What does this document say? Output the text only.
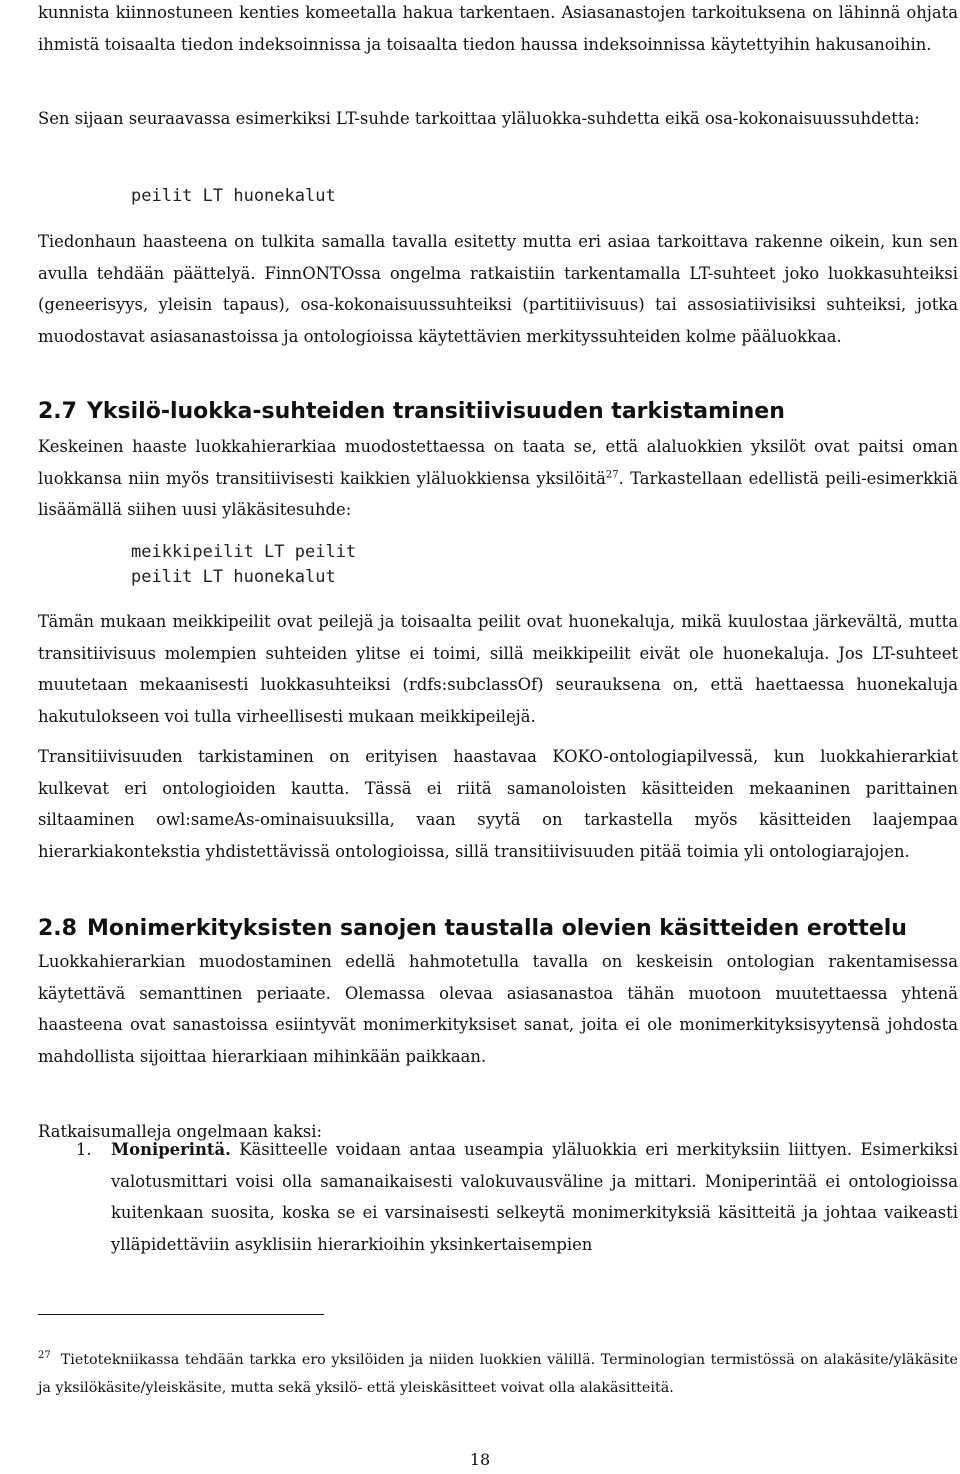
kunnista kiinnostuneen kenties komeetalla hakua tarkentaen. Asiasanastojen tarkoituksena on lähinnä ohjata ihmistä toisaalta tiedon indeksoinnissa ja toisaalta tiedon haussa indeksoinnissa käytettyihin hakusanoihin.

Sen sijaan seuraavassa esimerkiksi LT-suhde tarkoittaa yläluokka-suhdetta eikä osa-kokonaisuussuhdetta:

peilit LT huonekalut

Tiedonhaun haasteena on tulkita samalla tavalla esitetty mutta eri asiaa tarkoittava rakenne oikein, kun sen avulla tehdään päättelyä. FinnONTOssa ongelma ratkaistiin tarkentamalla LT-suhteet joko luokkasuhteiksi (geneerisyys, yleisin tapaus), osa-kokonaisuussuhteiksi (partitiivisuus) tai assosiatiivisiksi suhteiksi, jotka muodostavat asiasanastoissa ja ontologioissa käytettävien merkityssuhteiden kolme pääluokkaa.

2.7 Yksilö-luokka-suhteiden transitiivisuuden tarkistaminen

Keskeinen haaste luokkahierarkiaa muodostettaessa on taata se, että alaluokkien yksilöt ovat paitsi oman luokkansa niin myös transitiivisesti kaikkien yläluokkiensa yksilöitä$^{27}$. Tarkastellaan edellistä peili-esimerkkiä lisäämällä siihen uusi yläkäsitesuhde:

meikkipeilit LT peilit
peilit LT huonekalut

Tämän mukaan meikkipeilit ovat peilejä ja toisaalta peilit ovat huonekaluja, mikä kuulostaa järkevältä, mutta transitiivisuus molempien suhteiden ylitse ei toimi, sillä meikkipeilit eivät ole huonekaluja. Jos LT-suhteet muutetaan mekaanisesti luokkasuhteiksi (rdfs:subclassOf) seurauksena on, että haettaessa huonekaluja hakutulokseen voi tulla virheellisesti mukaan meikkipeilejä.

Transitiivisuuden tarkistaminen on erityisen haastavaa KOKO-ontologiapilvessä, kun luokkahierarkiat kulkevat eri ontologioiden kautta. Tässä ei riitä samanoloisten käsitteiden mekaaninen parittainen siltaaminen owl:sameAs-ominaisuuksilla, vaan syytä on tarkastella myös käsitteiden laajempaa hierarkiakontekstia yhdistettävissä ontologioissa, sillä transitiivisuuden pitää toimia yli ontologiarajojen.

2.8 Monimerkityksisten sanojen taustalla olevien käsitteiden erottelu

Luokkahierarkian muodostaminen edellä hahmotetulla tavalla on keskeisin ontologian rakentamisessa käytettävä semanttinen periaate. Olemassa olevaa asiasanastoa tähän muotoon muutettaessa yhtenä haasteena ovat sanastoissa esiintyvät monimerkityksiset sanat, joita ei ole monimerkityksisyytensä johdosta mahdollista sijoittaa hierarkiaan mihinkään paikkaan.

Ratkaisumalleja ongelmaan kaksi:

1. Moniperintä. Käsitteelle voidaan antaa useampia yläluokkia eri merkityksiin liittyen. Esimerkiksi valotusmittari voisi olla samanaikaisesti valokuvausväline ja mittari. Moniperintää ei ontologioissa kuitenkaan suosita, koska se ei varsinaisesti selkeytä monimerkityksiä käsitteitä ja johtaa vaikeasti ylläpidettäviin asyklisiin hierarkioihin yksinkertaisempien
$^{27}$ Tietotekniikassa tehdään tarkka ero yksilöiden ja niiden luokkien välillä. Terminologian termistössä on alakäsite/yläkäsite ja yksilökäsite/yleiskäsite, mutta sekä yksilö- että yleiskäsitteet voivat olla alakäsitteitä.
18
